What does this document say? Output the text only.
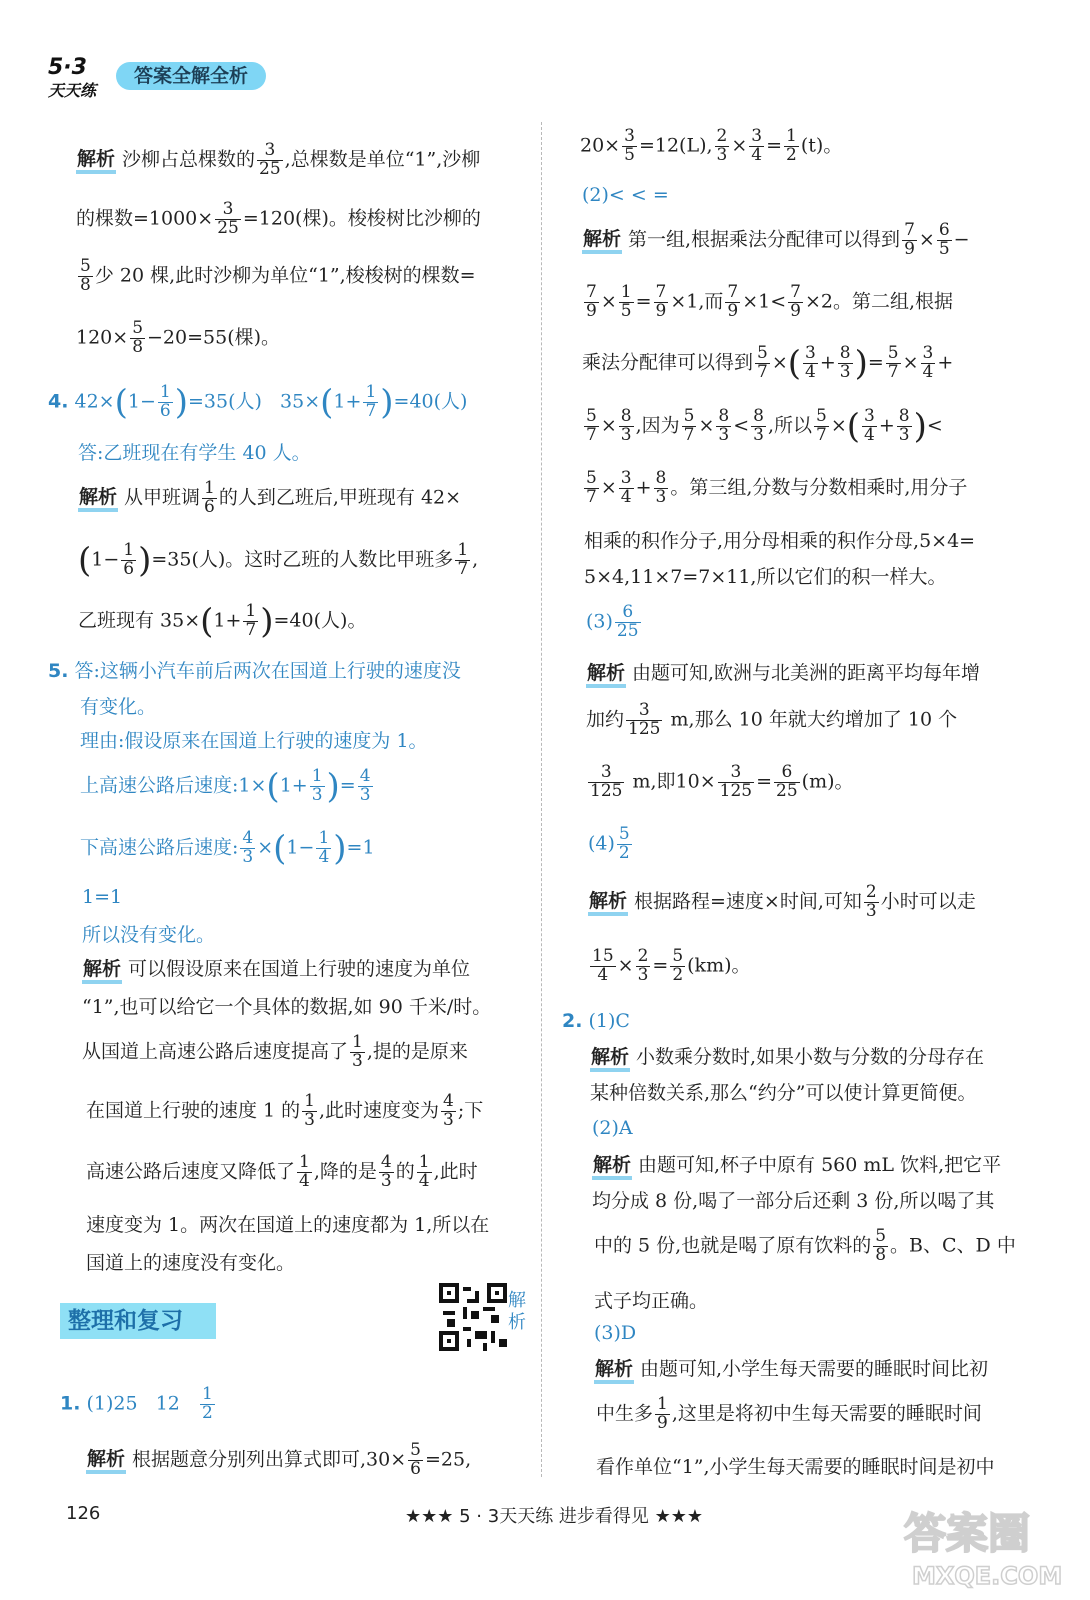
5·3
天天练
答案全解全析
解析 沙柳占总棵数的 $\frac{3}{25}$ ,总棵数是单位“1”,沙柳
的棵数$=1000\times \frac{3}{25} =120$(棵)。梭梭树比沙柳的
$\frac{5}{8}$ 少 20 棵,此时沙柳为单位“1”,梭梭树的棵数=
$120\times \frac{5}{8} -20=55$(棵)。
4. $42\times(1- \frac{1}{6} )=35$(人) $35\times(1+ \frac{1}{7} )=40$(人)
答:乙班现在有学生 40 人。
解析 从甲班调 $\frac{1}{6}$ 的人到乙班后,甲班现有 42×
$(1- \frac{1}{6} )=35$(人)。这时乙班的人数比甲班多 $\frac{1}{7}$ ,
乙班现有 $35\times(1+ \frac{1}{7} )=40$(人)。
5. 答:这辆小汽车前后两次在国道上行驶的速度没
有变化。
理由:假设原来在国道上行驶的速度为 1。
上高速公路后速度:1×(1+ $\frac{1}{3}$ )= $\frac{4}{3}$
下高速公路后速度: $\frac{4}{3} \times(1- \frac{1}{4} )=1$
1=1
所以没有变化。
解析 可以假设原来在国道上行驶的速度为单位
“1”,也可以给它一个具体的数据,如 90 千米/时。
从国道上高速公路后速度提高了 $\frac{1}{3}$ ,提的是原来
在国道上行驶的速度 1 的 $\frac{1}{3}$ ,此时速度变为 $\frac{4}{3}$ ;下
高速公路后速度又降低了 $\frac{1}{4}$ ,降的是 $\frac{4}{3}$ 的 $\frac{1}{4}$ ,此时
速度变为 1。两次在国道上的速度都为 1,所以在
国道上的速度没有变化。
整理和复习
解析
1. (1)25 $12 \frac{1}{2}$
解析 根据题意分别列出算式即可$,30\times \frac{5}{6} =25$,
$20\times \frac{3}{5} =12(L)$, $\frac{2}{3} \times \frac{3}{4} = \frac{1}{2} (t)$。
(2)< < =
解析 第一组,根据乘法分配律可以得到 $\frac{7}{9} \times \frac{6}{5}$ −
$\frac{7}{9} \times \frac{1}{5} = \frac{7}{9} \times 1$,而 $\frac{7}{9} \times 1< \frac{7}{9} \times 2$。第二组,根据
乘法分配律可以得到 $\frac{5}{7}$ ×( $\frac{3}{4} + \frac{8}{3}$ )= $\frac{5}{7} \times \frac{3}{4}$ +
$\frac{5}{7} \times \frac{8}{3}$ ,因为 $\frac{5}{7} \times \frac{8}{3} < \frac{8}{3}$ ,所以 $\frac{5}{7}$ ×( $\frac{3}{4} + \frac{8}{3}$ )<
$\frac{5}{7} \times \frac{3}{4} + \frac{8}{3}$ 。第三组,分数与分数相乘时,用分子
相乘的积作分子,用分母相乘的积作分母,5×4=
5×4,11×7=7×11,所以它们的积一样大。
$(3) \frac{6}{25}$
解析 由题可知,欧洲与北美洲的距离平均每年增
加约 $\frac{3}{125} m$,那么 10 年就大约增加了 10 个
$\frac{3}{125} m$,即$10\times \frac{3}{125} = \frac{6}{25} (m)$。
$(4) \frac{5}{2}$
解析 根据路程=速度×时间,可知 $\frac{2}{3}$ 小时可以走
$\frac{15}{4} \times \frac{2}{3} = \frac{5}{2} (km)$。
2. (1)C
解析 小数乘分数时,如果小数与分数的分母存在
某种倍数关系,那么“约分”可以使计算更简便。
(2)A
解析 由题可知,杯子中原有 560 mL 饮料,把它平
均分成 8 份,喝了一部分后还剩 3 份,所以喝了其
中的 5 份,也就是喝了原有饮料的 $\frac{5}{8}$ 。B、C、D 中
式子均正确。
(3)D
解析 由题可知,小学生每天需要的睡眠时间比初
中生多 $\frac{1}{9}$ ,这里是将初中生每天需要的睡眠时间
看作单位“1”,小学生每天需要的睡眠时间是初中
126	★★★ 5 · 3天天练 进步看得见 ★★★	答案圈
MXQE.COM
